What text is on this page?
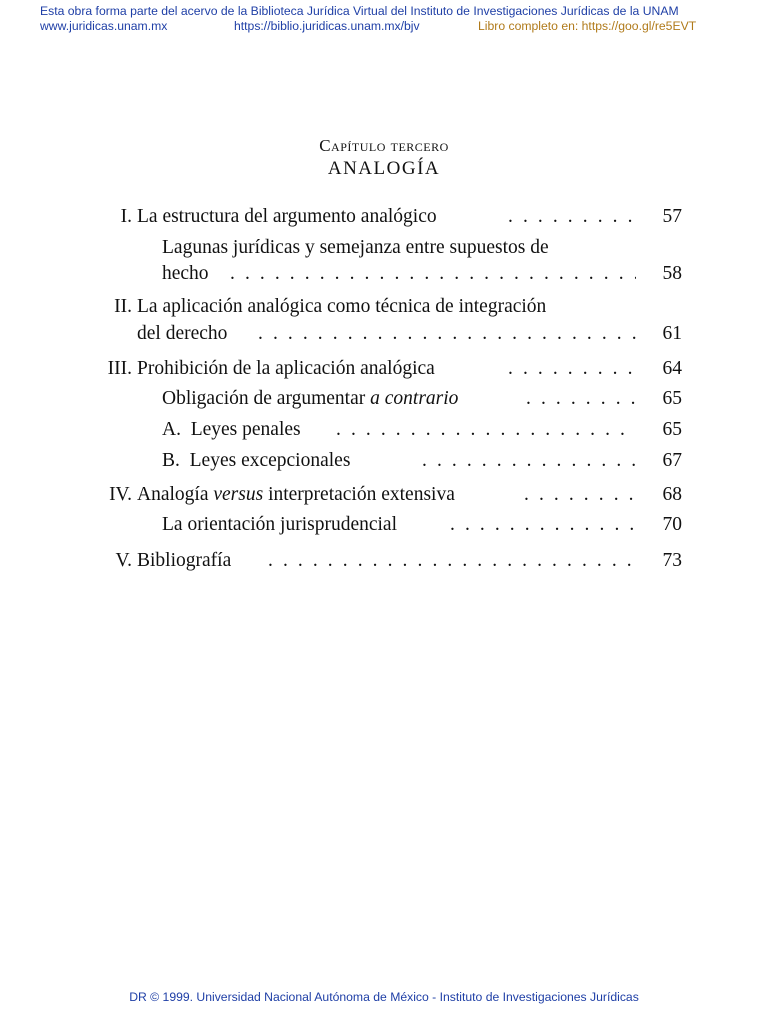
Esta obra forma parte del acervo de la Biblioteca Jurídica Virtual del Instituto de Investigaciones Jurídicas de la UNAM
www.juridicas.unam.mx	https://biblio.juridicas.unam.mx/bjv	Libro completo en: https://goo.gl/re5EVT
Capítulo tercero
ANALOGÍA
I. La estructura del argumento analógico . . .	57
Lagunas jurídicas y semejanza entre supuestos de
hecho . . .	58
II. La aplicación analógica como técnica de integración
del derecho . . .	61
III. Prohibición de la aplicación analógica . . .	64
Obligación de argumentar a contrario . . .	65
A.  Leyes penales . . .	65
B.  Leyes excepcionales . . .	67
IV. Analogía versus interpretación extensiva . . .	68
La orientación jurisprudencial . . .	70
V. Bibliografía . . .	73
DR © 1999. Universidad Nacional Autónoma de México - Instituto de Investigaciones Jurídicas
